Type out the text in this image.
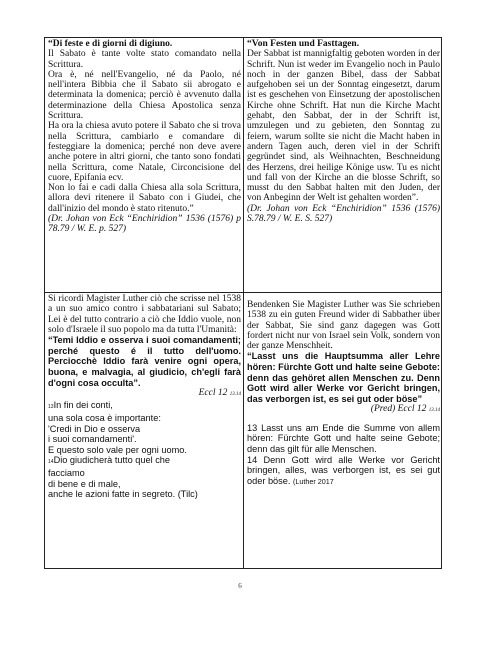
“Di feste e di giorni di digiuno.

Il Sabato è tante volte stato comandato nella Scrittura.

Ora è, né nell'Evangelio, né da Paolo, né nell'intera Bibbia che il Sabato sii abrogato e determinata la domenica; perciò è avvenuto dalla determinazione della Chiesa Apostolica senza Scrittura.

Ha ora la chiesa avuto potere il Sabato che si trova nella Scrittura, cambiarlo e comandare di festeggiare la domenica; perché non deve avere anche potere in altri giorni, che tanto sono fondati nella Scrittura, come Natale, Circoncisione del cuore, Epifania ecv.

Non lo fai e cadi dalla Chiesa alla sola Scrittura, allora devi ritenere il Sabato con i Giudei, che dall'inizio del mondo è stato ritenuto.”

(Dr. Johan von Eck “Enchiridion” 1536 (1576) p 78.79 / W. E. p. 527)

“Von Festen und Fasttagen.

Der Sabbat ist mannigfaltig geboten worden in der Schrift. Nun ist weder im Evangelio noch in Paulo noch in der ganzen Bibel, dass der Sabbat aufgehoben sei un der Sonntag eingesetzt, darum ist es geschehen von Einsetzung der apostolischen Kirche ohne Schrift. Hat nun die Kirche Macht gehabt, den Sabbat, der in der Schrift ist, umzulegen und zu gebieten, den Sonntag zu feiern, warum sollte sie nicht die Macht haben in andern Tagen auch, deren viel in der Schrift gegründet sind, als Weihnachten, Beschneidung des Herzens, drei heilige Könige usw. Tu es nicht und fall von der Kirche an die blosse Schrift, so musst du den Sabbat halten mit den Juden, der von Anbeginn der Welt ist gehalten worden”.

(Dr. Johan von Eck “Enchiridion” 1536 (1576) S.78.79 / W. E. S. 527)

Si ricordi Magister Luther ciò che scrisse nel 1538 a un suo amico contro i sabbatariani sul Sabato; Lei è del tutto contrario a ciò che Iddio vuole, non solo d'Israele il suo popolo ma da tutta l'Umanità:

“Temi Iddio e osserva i suoi comandamenti; perché questo é il tutto dell'uomo. Perciocchè Iddio farà venire ogni opera, buona, e malvagia, al giudicio, ch'egli farà d'ogni cosa occulta”.

Eccl 12 13.14

13In fin dei conti,

una sola cosa è importante:

'Credi in Dio e osserva

i suoi comandamenti'.

E questo solo vale per ogni uomo.

14Dio giudicherà tutto quel che

facciamo

di bene e di male,

anche le azioni fatte in segreto. (Tilc)

Bendenken Sie Magister Luther was Sie schrieben 1538 zu ein guten Freund wider di Sabbather über der Sabbat, Sie sind ganz dagegen was Gott fordert nicht nur von Israel sein Volk, sondern von der ganze Menschheit.

“Lasst uns die Hauptsumma aller Lehre hören: Fürchte Gott und halte seine Gebote: denn das gehöret allen Menschen zu. Denn Gott wird aller Werke vor Gericht bringen, das verborgen ist, es sei gut oder böse”

(Pred) Eccl 12 13.14

13 Lasst uns am Ende die Summe von allem hören: Fürchte Gott und halte seine Gebote; denn das gilt für alle Menschen.

14 Denn Gott wird alle Werke vor Gericht bringen, alles, was verborgen ist, es sei gut oder böse. (Luther 2017

6
